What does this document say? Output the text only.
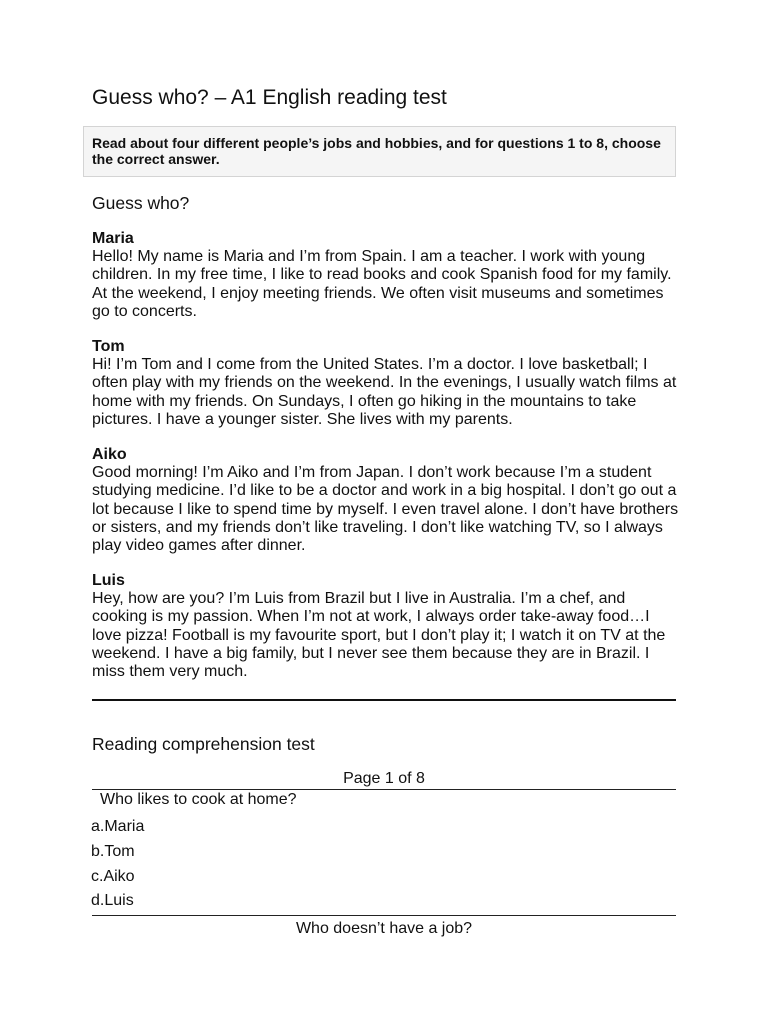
Guess who? – A1 English reading test
Read about four different people’s jobs and hobbies, and for questions 1 to 8, choose the correct answer.
Guess who?
Maria
Hello! My name is Maria and I’m from Spain. I am a teacher. I work with young children. In my free time, I like to read books and cook Spanish food for my family. At the weekend, I enjoy meeting friends. We often visit museums and sometimes go to concerts.
Tom
Hi! I’m Tom and I come from the United States. I’m a doctor. I love basketball; I often play with my friends on the weekend. In the evenings, I usually watch films at home with my friends. On Sundays, I often go hiking in the mountains to take pictures. I have a younger sister. She lives with my parents.
Aiko
Good morning! I’m Aiko and I’m from Japan. I don’t work because I’m a student studying medicine. I’d like to be a doctor and work in a big hospital. I don’t go out a lot because I like to spend time by myself. I even travel alone. I don’t have brothers or sisters, and my friends don’t like traveling. I don’t like watching TV, so I always play video games after dinner.
Luis
Hey, how are you? I’m Luis from Brazil but I live in Australia. I’m a chef, and cooking is my passion. When I’m not at work, I always order take-away food…I love pizza! Football is my favourite sport, but I don’t play it; I watch it on TV at the weekend. I have a big family, but I never see them because they are in Brazil. I miss them very much.
Reading comprehension test
Page 1 of 8
Who likes to cook at home?
a.Maria
b.Tom
c.Aiko
d.Luis
Who doesn’t have a job?
